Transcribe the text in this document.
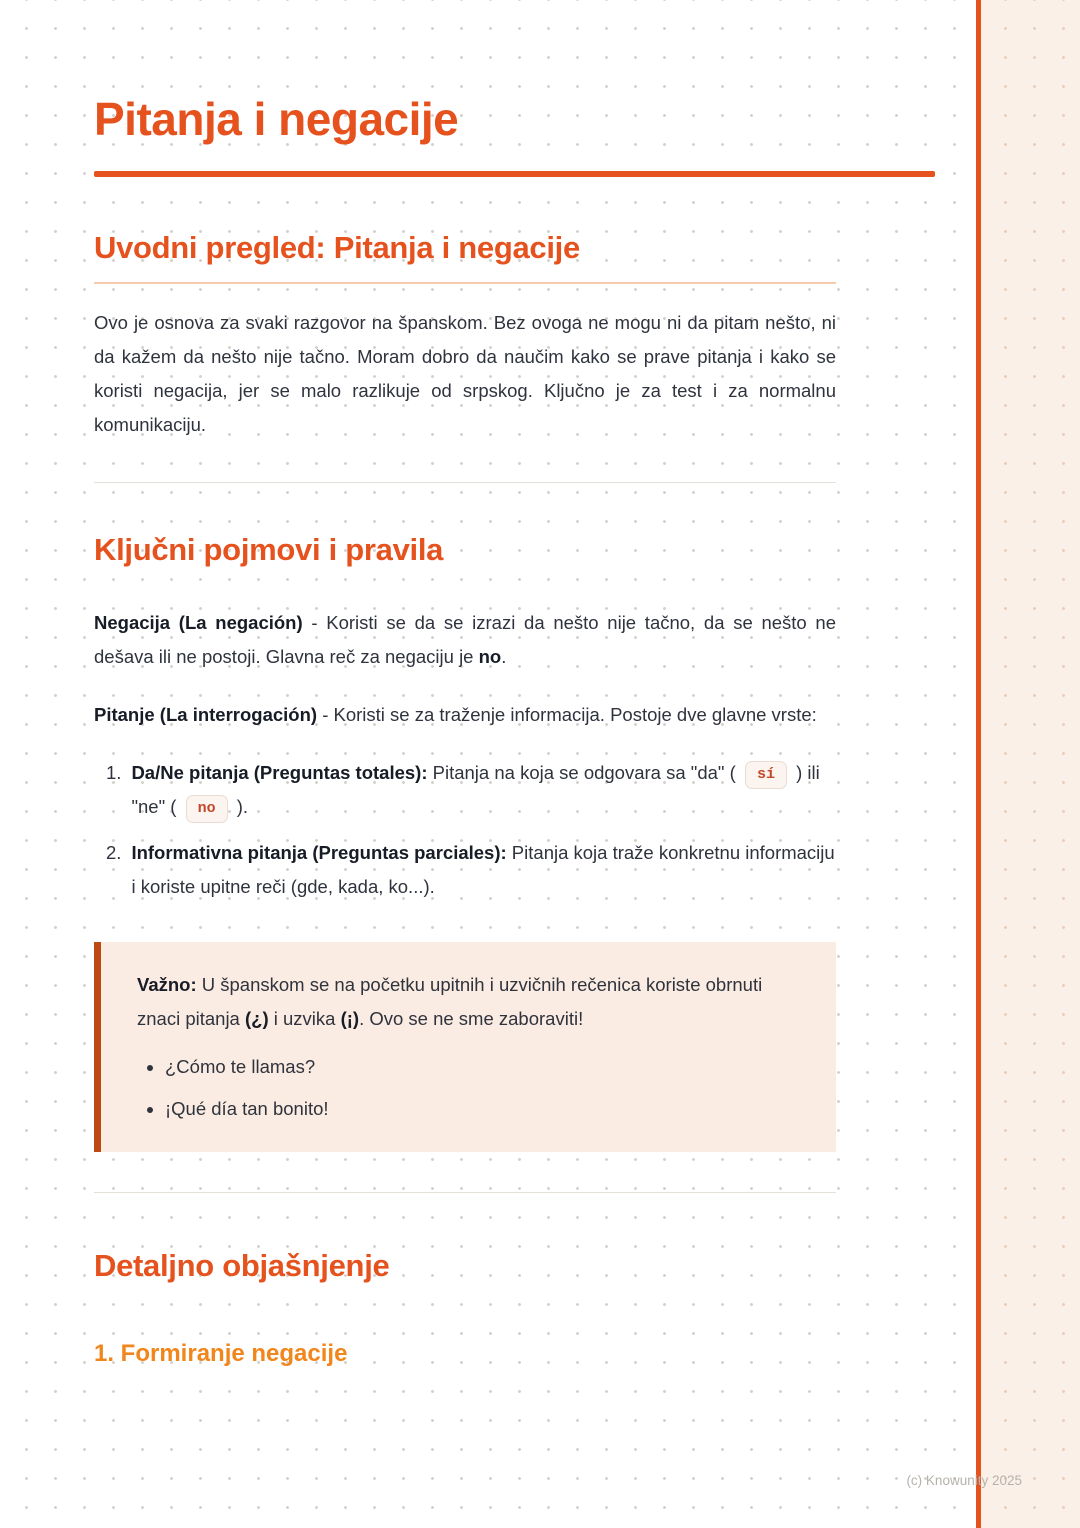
Pitanja i negacije
Uvodni pregled: Pitanja i negacije

Ovo je osnova za svaki razgovor na španskom. Bez ovoga ne mogu ni da pitam nešto, ni da kažem da nešto nije tačno. Moram dobro da naučim kako se prave pitanja i kako se koristi negacija, jer se malo razlikuje od srpskog. Ključno je za test i za normalnu komunikaciju.

Ključni pojmovi i pravila

Negacija (La negación) - Koristi se da se izrazi da nešto nije tačno, da se nešto ne dešava ili ne postoji. Glavna reč za negaciju je no.

Pitanje (La interrogación) - Koristi se za traženje informacija. Postoje dve glavne vrste:

1. Da/Ne pitanja (Preguntas totales): Pitanja na koja se odgovara sa "da" ( sí ) ili "ne" ( no ).
2. Informativna pitanja (Preguntas parciales): Pitanja koja traže konkretnu informaciju i koriste upitne reči (gde, kada, ko...).

Važno: U španskom se na početku upitnih i uzvičnih rečenica koriste obrnuti znaci pitanja (¿) i uzvika (¡). Ovo se ne sme zaboraviti!

• ¿Cómo te llamas?
• ¡Qué día tan bonito!
Detaljno objašnjenje
1. Formiranje negacije
(c) Knowunity 2025
